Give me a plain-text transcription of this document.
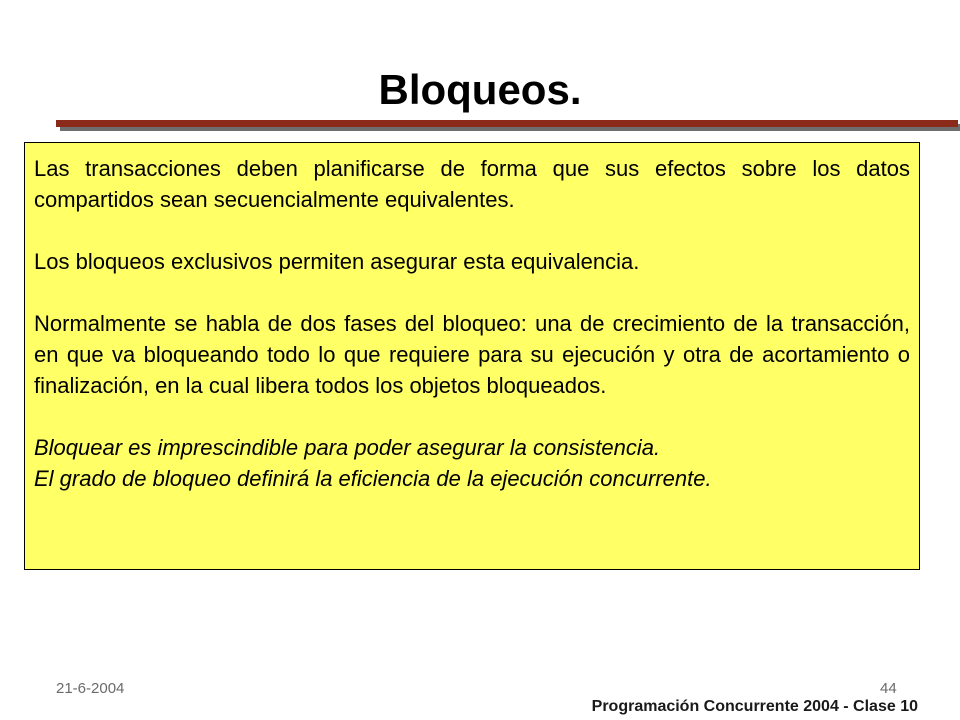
Bloqueos.

Las transacciones deben planificarse de forma que sus efectos sobre los datos compartidos sean secuencialmente equivalentes.

Los bloqueos exclusivos permiten asegurar esta equivalencia.

Normalmente se habla de dos fases del bloqueo: una de crecimiento de la transacción, en que va bloqueando todo lo que requiere para su ejecución y otra de acortamiento o finalización, en la cual libera todos los objetos bloqueados.

Bloquear es imprescindible para poder asegurar la consistencia.

El grado de bloqueo definirá la eficiencia de la ejecución concurrente.

21-6-2004	44
Programación Concurrente 2004 - Clase 10
